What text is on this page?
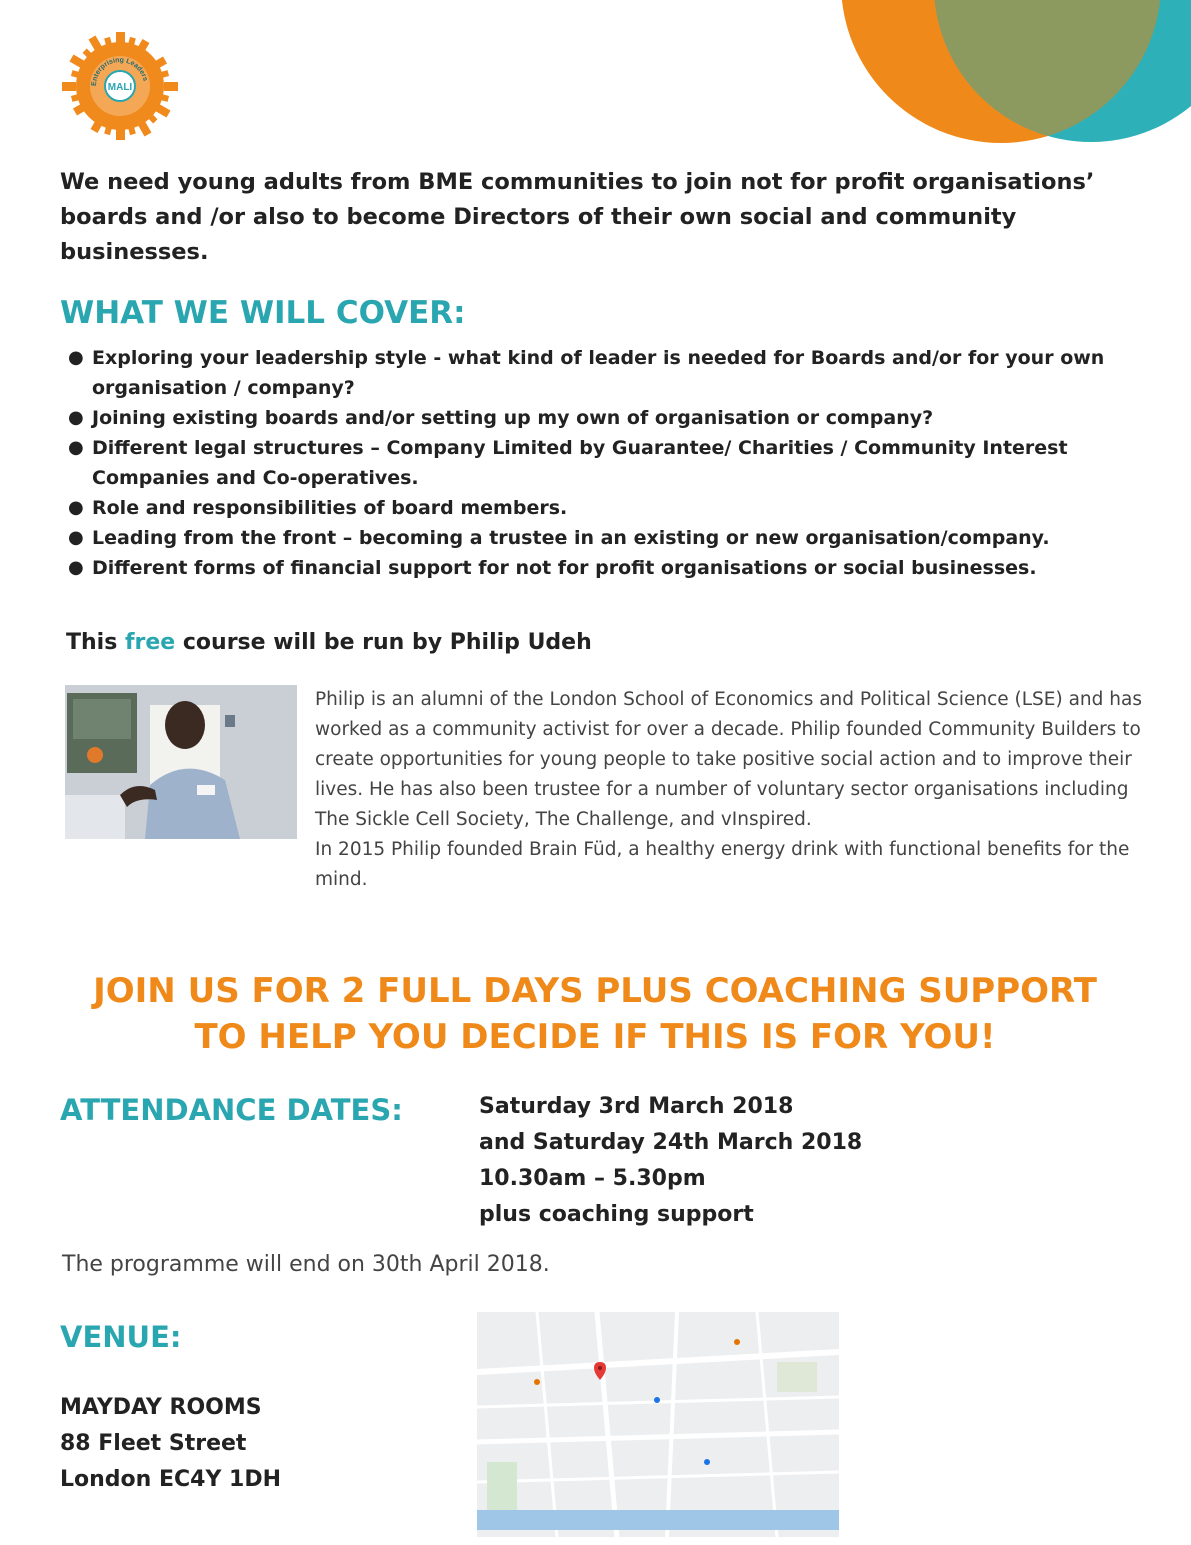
MALI
Enterprising Leaders

We need young adults from BME communities to join not for profit organisations’ boards and /or also to become Directors of their own social and community businesses.

WHAT WE WILL COVER:
● Exploring your leadership style - what kind of leader is needed for Boards and/or for your own organisation / company?
● Joining existing boards and/or setting up my own of organisation or company?
● Different legal structures – Company Limited by Guarantee/ Charities / Community Interest Companies and Co-operatives.
● Role and responsibilities of board members.
● Leading from the front – becoming a trustee in an existing or new organisation/company.
● Different forms of financial support for not for profit organisations or social businesses.

This free course will be run by Philip Udeh

Philip is an alumni of the London School of Economics and Political Science (LSE) and has worked as a community activist for over a decade. Philip founded Community Builders to create opportunities for young people to take positive social action and to improve their lives. He has also been trustee for a number of voluntary sector organisations including The Sickle Cell Society, The Challenge, and vInspired.

In 2015 Philip founded Brain Füd, a healthy energy drink with functional benefits for the mind.

JOIN US FOR 2 FULL DAYS PLUS COACHING SUPPORT
TO HELP YOU DECIDE IF THIS IS FOR YOU!
ATTENDANCE DATES:	Saturday 3rd March 2018
and Saturday 24th March 2018
10.30am – 5.30pm
plus coaching support

The programme will end on 30th April 2018.

VENUE:
MAYDAY ROOMS
88 Fleet Street
London EC4Y 1DH
